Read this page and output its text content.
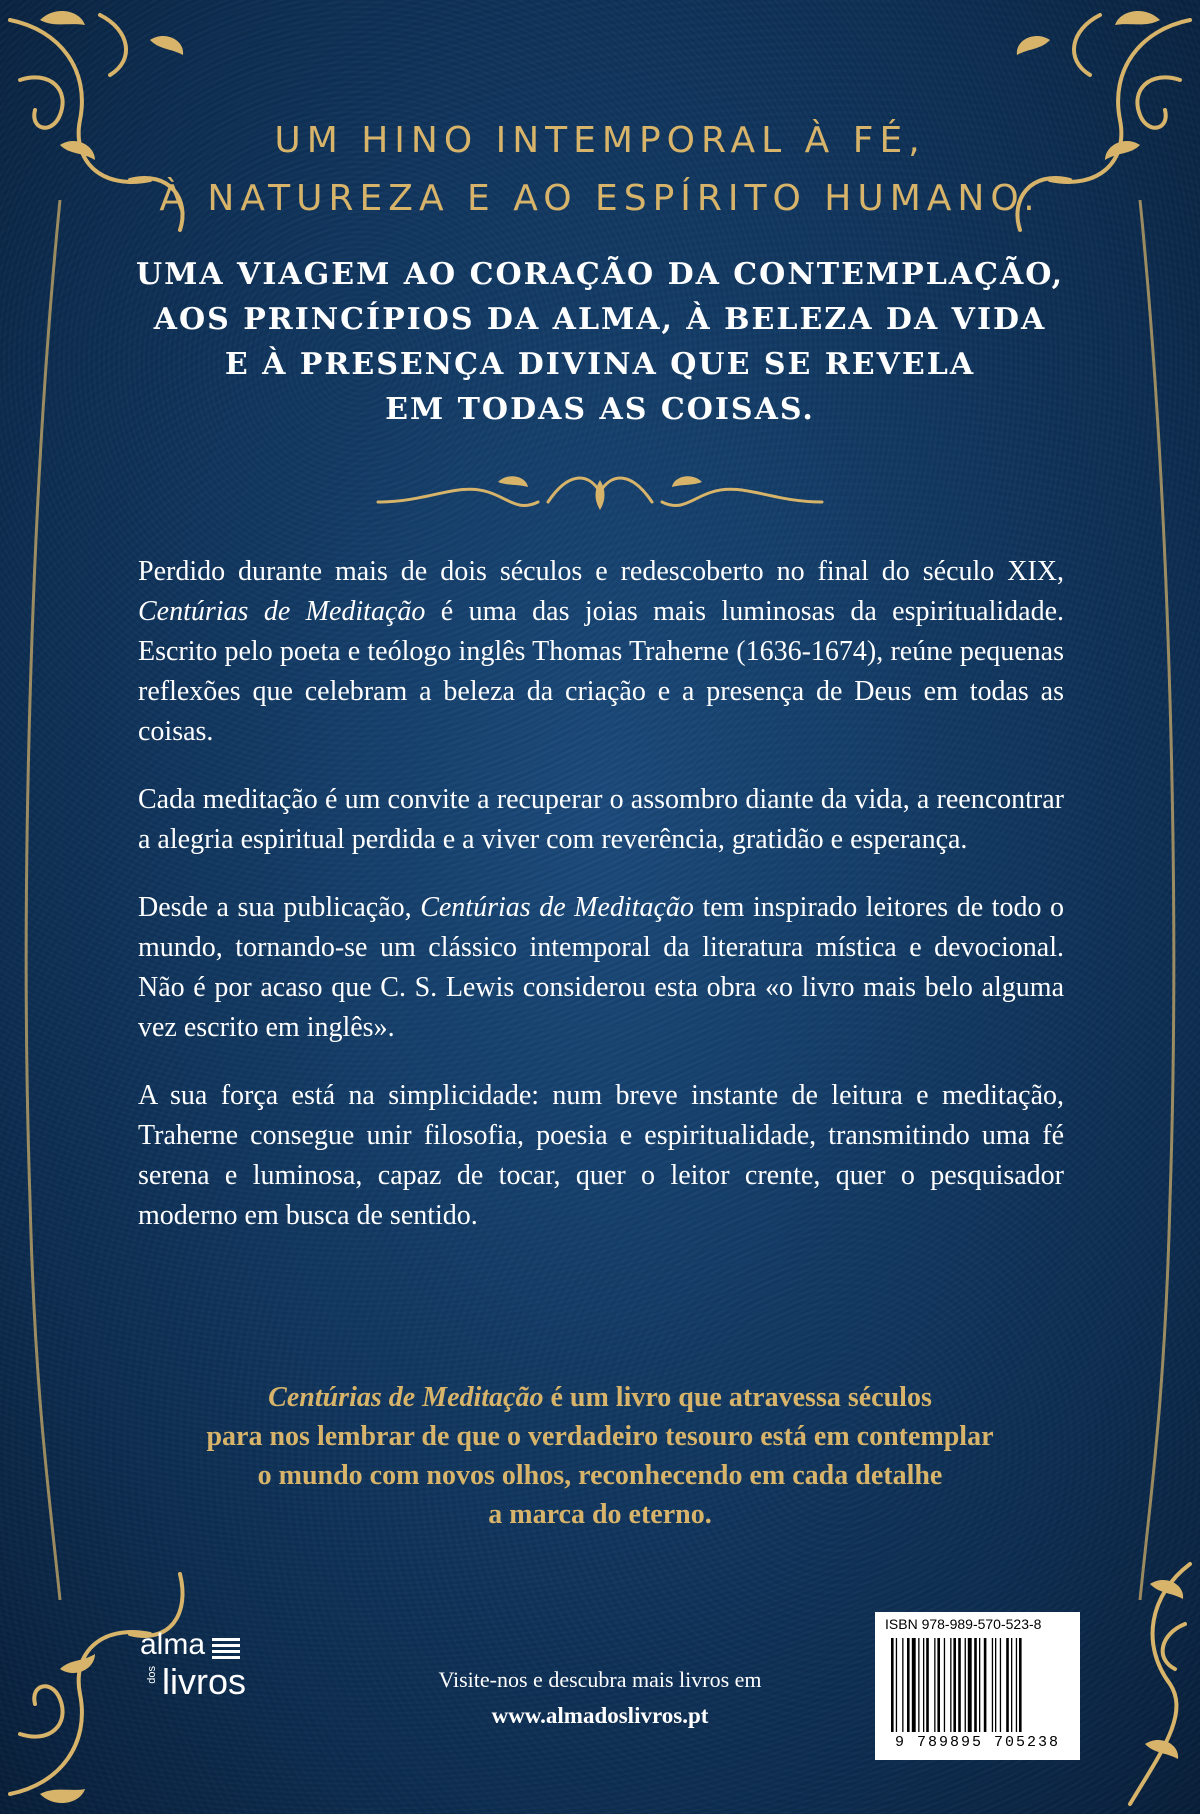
UM HINO INTEMPORAL À FÉ,
À NATUREZA E AO ESPÍRITO HUMANO.
UMA VIAGEM AO CORAÇÃO DA CONTEMPLAÇÃO,
AOS PRINCÍPIOS DA ALMA, À BELEZA DA VIDA
E À PRESENÇA DIVINA QUE SE REVELA
EM TODAS AS COISAS.

Perdido durante mais de dois séculos e redescoberto no final do século XIX, Centúrias de Meditação é uma das joias mais luminosas da espiritualidade. Escrito pelo poeta e teólogo inglês Thomas Traherne (1636-1674), reúne pequenas reflexões que celebram a beleza da criação e a presença de Deus em todas as coisas.

Cada meditação é um convite a recuperar o assombro diante da vida, a reencontrar a alegria espiritual perdida e a viver com reverência, gratidão e esperança.

Desde a sua publicação, Centúrias de Meditação tem inspirado leitores de todo o mundo, tornando-se um clássico intemporal da literatura mística e devocional. Não é por acaso que C. S. Lewis considerou esta obra «o livro mais belo alguma vez escrito em inglês».

A sua força está na simplicidade: num breve instante de leitura e meditação, Traherne consegue unir filosofia, poesia e espiritualidade, transmitindo uma fé serena e luminosa, capaz de tocar, quer o leitor crente, quer o pesquisador moderno em busca de sentido.

Centúrias de Meditação é um livro que atravessa séculos
para nos lembrar de que o verdadeiro tesouro está em contemplar
o mundo com novos olhos, reconhecendo em cada detalhe
a marca do eterno.
alma
dos livros	Visite-nos e descubra mais livros em
www.almadoslivros.pt
ISBN 978-989-570-523-8
9 789895 705238
